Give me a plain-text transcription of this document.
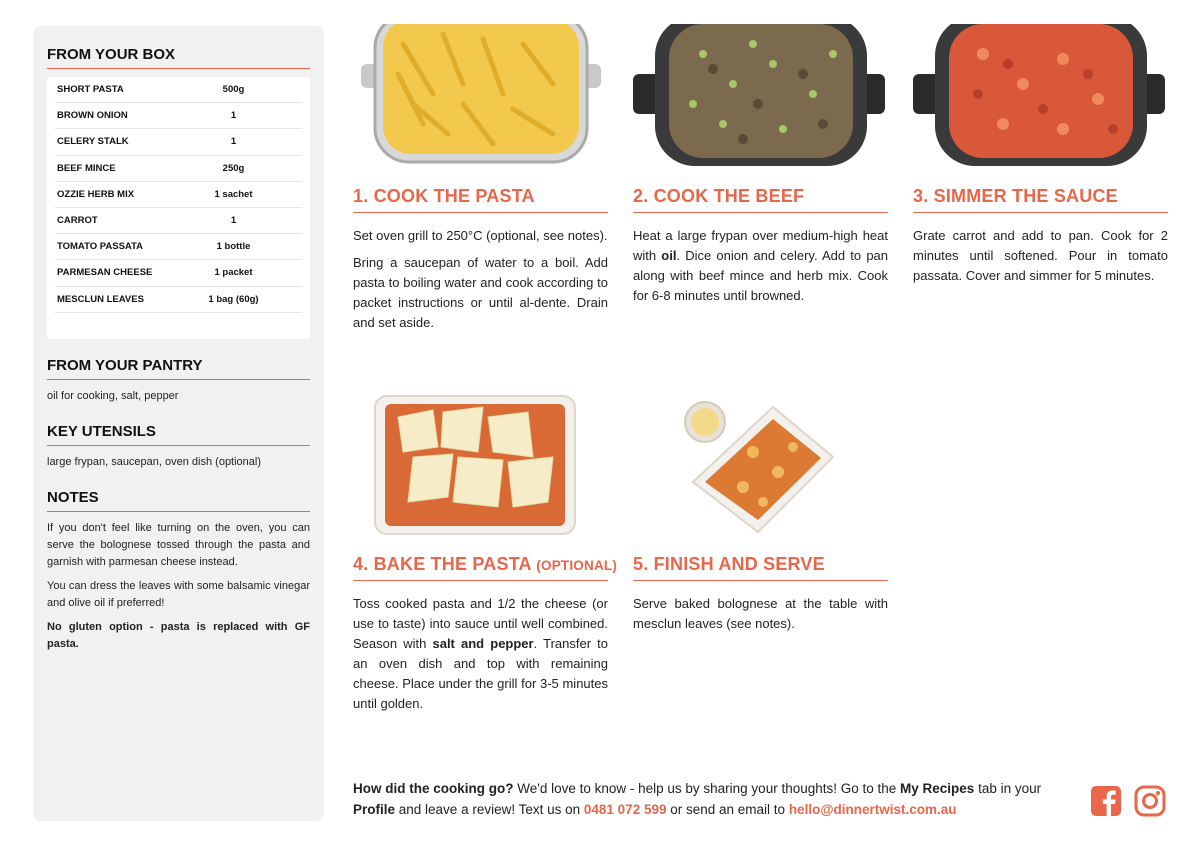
FROM YOUR BOX
SHORT PASTA	500g
BROWN ONION	1
CELERY STALK	1
BEEF MINCE	250g
OZZIE HERB MIX	1 sachet
CARROT	1
TOMATO PASSATA	1 bottle
PARMESAN CHEESE	1 packet
MESCLUN LEAVES	1 bag (60g)
FROM YOUR PANTRY
oil for cooking, salt, pepper
KEY UTENSILS
large frypan, saucepan, oven dish (optional)
NOTES

If you don't feel like turning on the oven, you can serve the bolognese tossed through the pasta and garnish with parmesan cheese instead.

You can dress the leaves with some balsamic vinegar and olive oil if preferred!

No gluten option - pasta is replaced with GF pasta.

1. COOK THE PASTA

Set oven grill to 250°C (optional, see notes).

Bring a saucepan of water to a boil. Add pasta to boiling water and cook according to packet instructions or until al-dente. Drain and set aside.

2. COOK THE BEEF

Heat a large frypan over medium-high heat with oil. Dice onion and celery. Add to pan along with beef mince and herb mix. Cook for 6-8 minutes until browned.

3. SIMMER THE SAUCE

Grate carrot and add to pan. Cook for 2 minutes until softened. Pour in tomato passata. Cover and simmer for 5 minutes.

4. BAKE THE PASTA (OPTIONAL)

Toss cooked pasta and 1/2 the cheese (or use to taste) into sauce until well combined. Season with salt and pepper. Transfer to an oven dish and top with remaining cheese. Place under the grill for 3-5 minutes until golden.

5. FINISH AND SERVE

Serve baked bolognese at the table with mesclun leaves (see notes).

How did the cooking go? We'd love to know - help us by sharing your thoughts! Go to the My Recipes tab in your Profile and leave a review! Text us on 0481 072 599 or send an email to hello@dinnertwist.com.au
